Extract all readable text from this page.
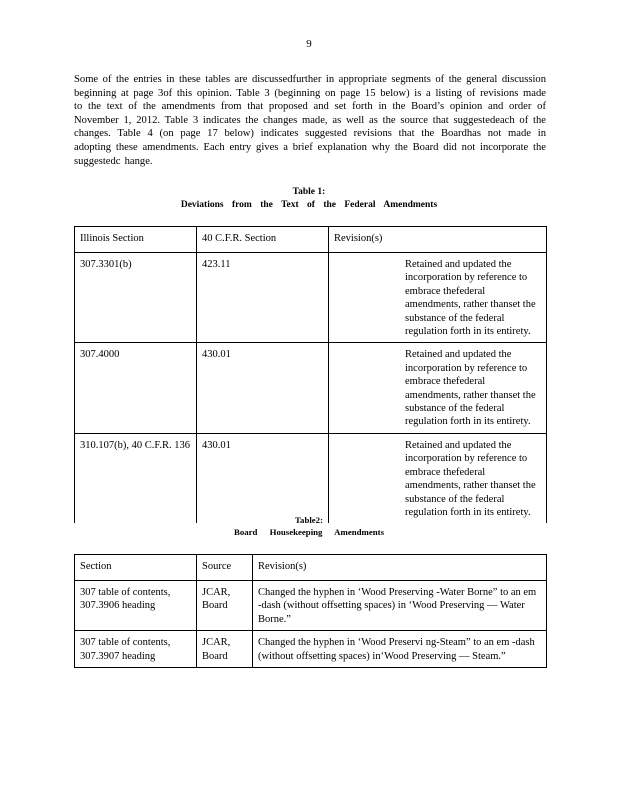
9

Some of the entries in these tables are discussedfurther in appropriate segments of the general discussion beginning at page 3of this opinion. Table 3 (beginning on page 15 below) is a listing of revisions made to the text of the amendments from that proposed and set forth in the Board’s opinion and order of November 1, 2012. Table 3 indicates the changes made, as well as the source that suggestedeach of the changes. Table 4 (on page 17 below) indicates suggested revisions that the Boardhas not made in adopting these amendments. Each entry gives a brief explanation why the Board did not incorporate the suggestedc hange.

Table 1:
Deviations from the Text of the Federal Amendments
Illinois Section	40 C.F.R. Section	Revision(s)
307.3301(b)	423.11	Retained and updated the incorporation by reference to embrace thefederal amendments, rather thanset the substance of the federal regulation forth in its entirety.
307.4000	430.01	Retained and updated the incorporation by reference to embrace thefederal amendments, rather thanset the substance of the federal regulation forth in its entirety.
310.107(b), 40 C.F.R. 136	430.01	Retained and updated the incorporation by reference to embrace thefederal amendments, rather thanset the substance of the federal regulation forth in its entirety.
Table2:
Board Housekeeping Amendments
Section	Source	Revision(s)
307 table of contents, 307.3906 heading	JCAR, Board	Changed the hyphen in ‘Wood Preserving -Water Borne” to an em -dash (without offsetting spaces) in ‘Wood Preserving — Water Borne.”
307 table of contents, 307.3907 heading	JCAR, Board	Changed the hyphen in ‘Wood Preservi ng-Steam” to an em -dash (without offsetting spaces) in‘Wood Preserving — Steam.”
